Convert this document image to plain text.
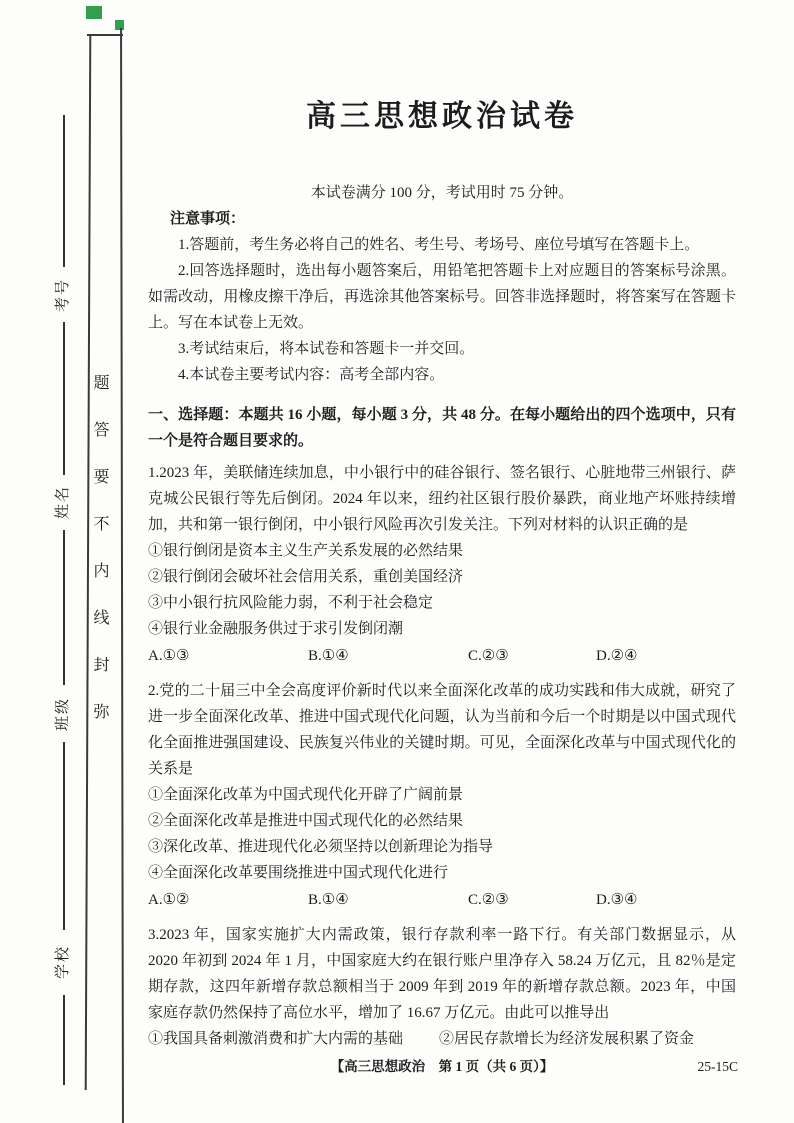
考号
姓名
班级
学校
题
答
要
不
内
线
封
弥
高三思想政治试卷

本试卷满分 100 分，考试用时 75 分钟。

注意事项：

1.答题前，考生务必将自己的姓名、考生号、考场号、座位号填写在答题卡上。

2.回答选择题时，选出每小题答案后，用铅笔把答题卡上对应题目的答案标号涂黑。如需改动，用橡皮擦干净后，再选涂其他答案标号。回答非选择题时，将答案写在答题卡上。写在本试卷上无效。

3.考试结束后，将本试卷和答题卡一并交回。

4.本试卷主要考试内容：高考全部内容。

一、选择题：本题共 16 小题，每小题 3 分，共 48 分。在每小题给出的四个选项中，只有一个是符合题目要求的。

1.2023 年，美联储连续加息，中小银行中的硅谷银行、签名银行、心脏地带三州银行、萨克城公民银行等先后倒闭。2024 年以来，纽约社区银行股价暴跌，商业地产坏账持续增加，共和第一银行倒闭，中小银行风险再次引发关注。下列对材料的认识正确的是

①银行倒闭是资本主义生产关系发展的必然结果

②银行倒闭会破坏社会信用关系，重创美国经济

③中小银行抗风险能力弱，不利于社会稳定

④银行业金融服务供过于求引发倒闭潮

A.①③	B.①④	C.②③	D.②④

2.党的二十届三中全会高度评价新时代以来全面深化改革的成功实践和伟大成就，研究了进一步全面深化改革、推进中国式现代化问题，认为当前和今后一个时期是以中国式现代化全面推进强国建设、民族复兴伟业的关键时期。可见，全面深化改革与中国式现代化的关系是

①全面深化改革为中国式现代化开辟了广阔前景

②全面深化改革是推进中国式现代化的必然结果

③深化改革、推进现代化必须坚持以创新理论为指导

④全面深化改革要围绕推进中国式现代化进行

A.①②	B.①④	C.②③	D.③④

3.2023 年，国家实施扩大内需政策，银行存款利率一路下行。有关部门数据显示，从 2020 年初到 2024 年 1 月，中国家庭大约在银行账户里净存入 58.24 万亿元，且 82％是定期存款，这四年新增存款总额相当于 2009 年到 2019 年的新增存款总额。2023 年，中国家庭存款仍然保持了高位水平，增加了 16.67 万亿元。由此可以推导出

①我国具备刺激消费和扩大内需的基础 ②居民存款增长为经济发展积累了资金
【高三思想政治　第 1 页（共 6 页）】	25-15C
